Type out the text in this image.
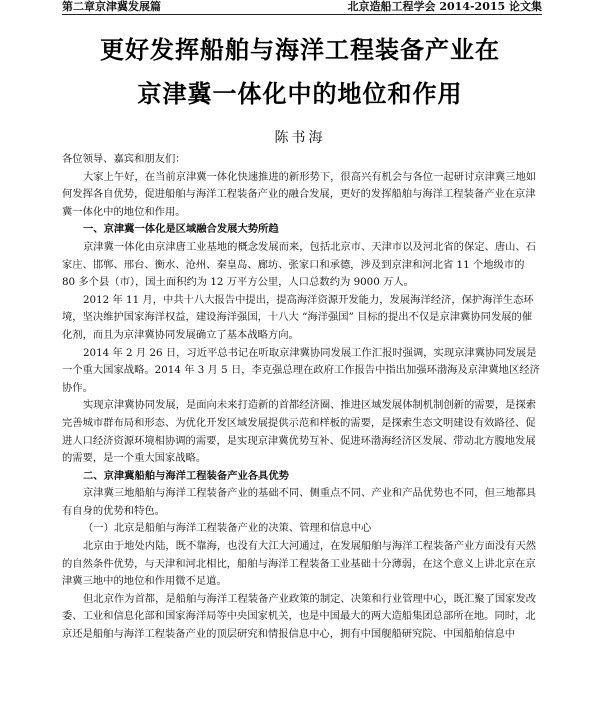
第二章京津冀发展篇	北京造船工程学会 2014-2015 论文集
更好发挥船舶与海洋工程装备产业在
京津冀一体化中的地位和作用
陈书海

各位领导、嘉宾和朋友们：

大家上午好，在当前京津冀一体化快速推进的新形势下，很高兴有机会与各位一起研讨京津冀三地如何发挥各自优势，促进船舶与海洋工程装备产业的融合发展，更好的发挥船舶与海洋工程装备产业在京津冀一体化中的地位和作用。

一、京津冀一体化是区域融合发展大势所趋

京津冀一体化由京津唐工业基地的概念发展而来，包括北京市、天津市以及河北省的保定、唐山、石家庄、邯郸、邢台、衡水、沧州、秦皇岛、廊坊、张家口和承德，涉及到京津和河北省 11 个地级市的 80 多个县（市），国土面积约为 12 万平方公里，人口总数约为 9000 万人。

2012 年 11 月，中共十八大报告中提出，提高海洋资源开发能力，发展海洋经济，保护海洋生态环境，坚决维护国家海洋权益，建设海洋强国，十八大 “海洋强国” 目标的提出不仅是京津冀协同发展的催化剂，而且为京津冀协同发展确立了基本战略方向。

2014 年 2 月 26 日，习近平总书记在听取京津冀协同发展工作汇报时强调，实现京津冀协同发展是一个重大国家战略。2014 年 3 月 5 日，李克强总理在政府工作报告中指出加强环渤海及京津冀地区经济协作。

实现京津冀协同发展，是面向未来打造新的首都经济圈、推进区域发展体制机制创新的需要，是探索完善城市群布局和形态、为优化开发区域发展提供示范和样板的需要，是探索生态文明建设有效路径、促进人口经济资源环境相协调的需要，是实现京津冀优势互补、促进环渤海经济区发展、带动北方腹地发展的需要，是一个重大国家战略。

二、京津冀船舶与海洋工程装备产业各具优势

京津冀三地船舶与海洋工程装备产业的基础不同、侧重点不同、产业和产品优势也不同，但三地都具有自身的优势和特色。

（一）北京是船舶与海洋工程装备产业的决策、管理和信息中心

北京由于地处内陆，既不靠海，也没有大江大河通过，在发展船舶与海洋工程装备产业方面没有天然的自然条件优势，与天津和河北相比，船舶与海洋工程装备工业基础十分薄弱，在这个意义上讲北京在京津冀三地中的地位和作用微不足道。

但北京作为首都，是船舶与海洋工程装备产业政策的制定、决策和行业管理中心，既汇聚了国家发改委、工业和信息化部和国家海洋局等中央国家机关，也是中国最大的两大造船集团总部所在地。同时，北京还是船舶与海洋工程装备产业的顶层研究和情报信息中心，拥有中国舰船研究院、中国船舶信息中
